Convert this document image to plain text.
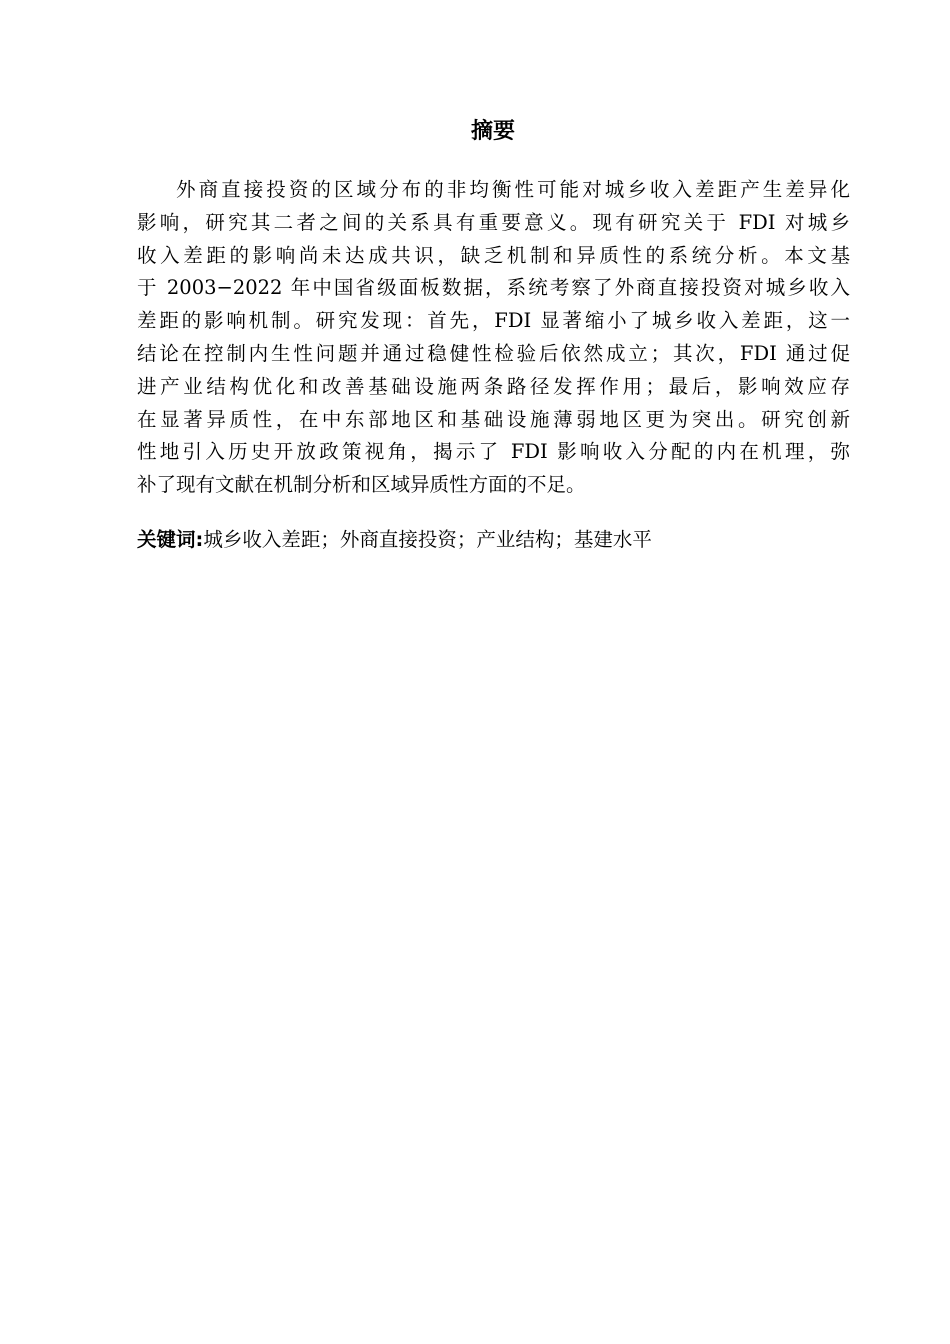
摘要
外商直接投资的区域分布的非均衡性可能对城乡收入差距产生差异化
影响，研究其二者之间的关系具有重要意义。现有研究关于 FDI 对城乡
收入差距的影响尚未达成共识，缺乏机制和异质性的系统分析。本文基
于 2003−2022 年中国省级面板数据，系统考察了外商直接投资对城乡收入
差距的影响机制。研究发现：首先，FDI 显著缩小了城乡收入差距，这一
结论在控制内生性问题并通过稳健性检验后依然成立；其次，FDI 通过促
进产业结构优化和改善基础设施两条路径发挥作用；最后，影响效应存
在显著异质性，在中东部地区和基础设施薄弱地区更为突出。研究创新
性地引入历史开放政策视角，揭示了 FDI 影响收入分配的内在机理，弥
补了现有文献在机制分析和区域异质性方面的不足。

关键词:城乡收入差距；外商直接投资；产业结构；基建水平
